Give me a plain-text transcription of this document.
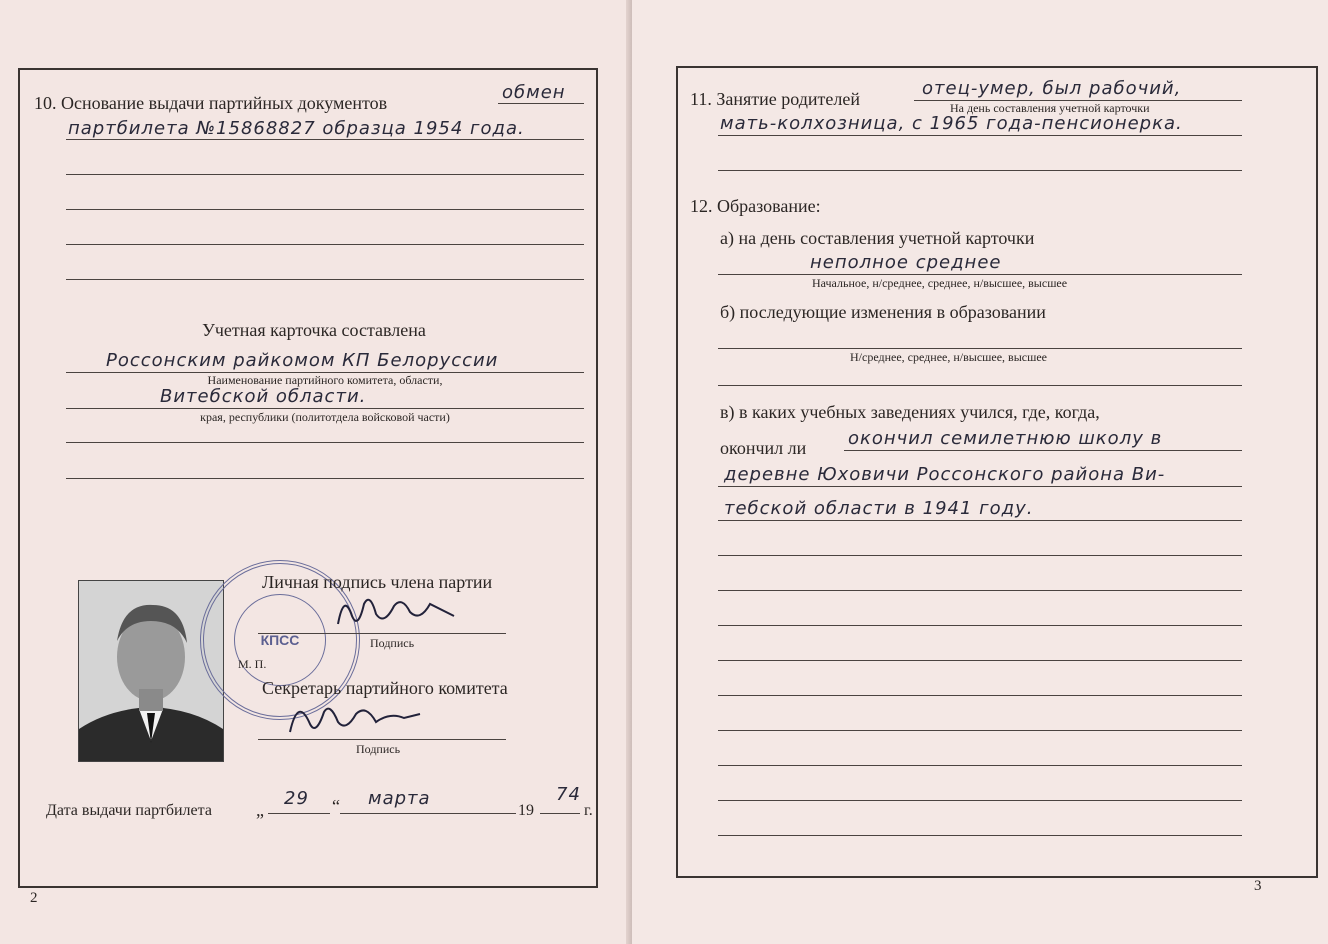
10. Основание выдачи партийных документов	обмен
партбилета №15868827 образца 1954 года.
Учетная карточка составлена
Россонским райкомом КП Белоруссии
Наименование партийного комитета, области,
Витебской области.
края, республики (политотдела войсковой части)
КПСС
Личная подпись члена партии
Подпись
М. П.
Секретарь партийного комитета
Подпись
Дата выдачи партбилета „
29 “ марта
19
74
г.
2
11. Занятие родителей	отец-умер, был рабочий,
На день составления учетной карточки
мать-колхозница, с 1965 года-пенсионерка.
12. Образование:
а) на день составления учетной карточки
неполное среднее
Начальное, н/среднее, среднее, н/высшее, высшее
б) последующие изменения в образовании
Н/среднее, среднее, н/высшее, высшее
в) в каких учебных заведениях учился, где, когда,
окончил ли окончил семилетнюю школу в
деревне Юховичи Россонского района Ви-
тебской области в 1941 году.
3
